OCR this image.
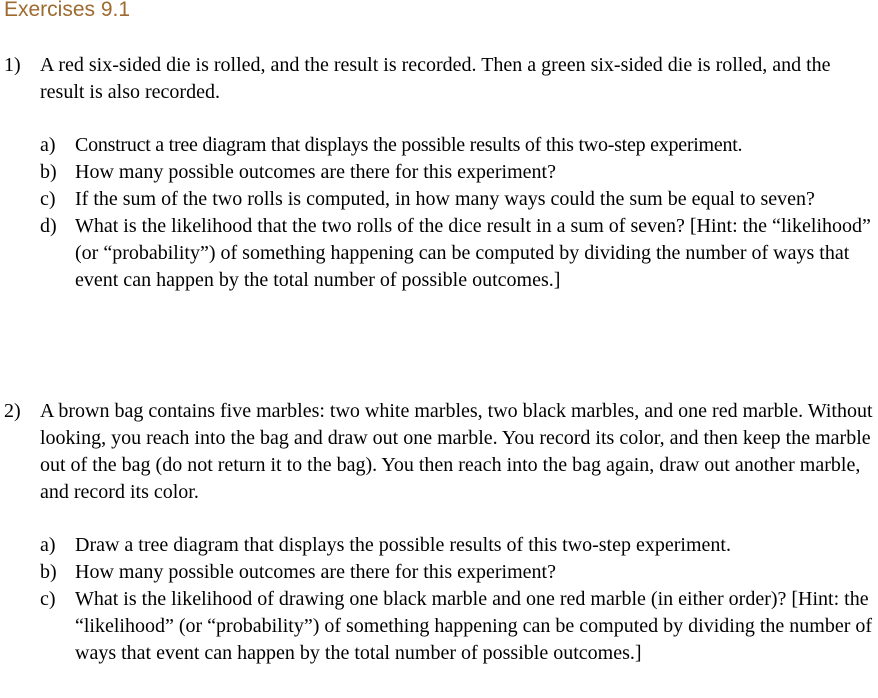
Exercises 9.1
1) A red six-sided die is rolled, and the result is recorded. Then a green six-sided die is rolled, and the result is also recorded.
a) Construct a tree diagram that displays the possible results of this two-step experiment.
b) How many possible outcomes are there for this experiment?
c) If the sum of the two rolls is computed, in how many ways could the sum be equal to seven?
d) What is the likelihood that the two rolls of the dice result in a sum of seven? [Hint: the “likelihood” (or “probability”) of something happening can be computed by dividing the number of ways that event can happen by the total number of possible outcomes.]
2) A brown bag contains five marbles: two white marbles, two black marbles, and one red marble. Without looking, you reach into the bag and draw out one marble. You record its color, and then keep the marble out of the bag (do not return it to the bag). You then reach into the bag again, draw out another marble, and record its color.
a) Draw a tree diagram that displays the possible results of this two-step experiment.
b) How many possible outcomes are there for this experiment?
c) What is the likelihood of drawing one black marble and one red marble (in either order)? [Hint: the “likelihood” (or “probability”) of something happening can be computed by dividing the number of ways that event can happen by the total number of possible outcomes.]
